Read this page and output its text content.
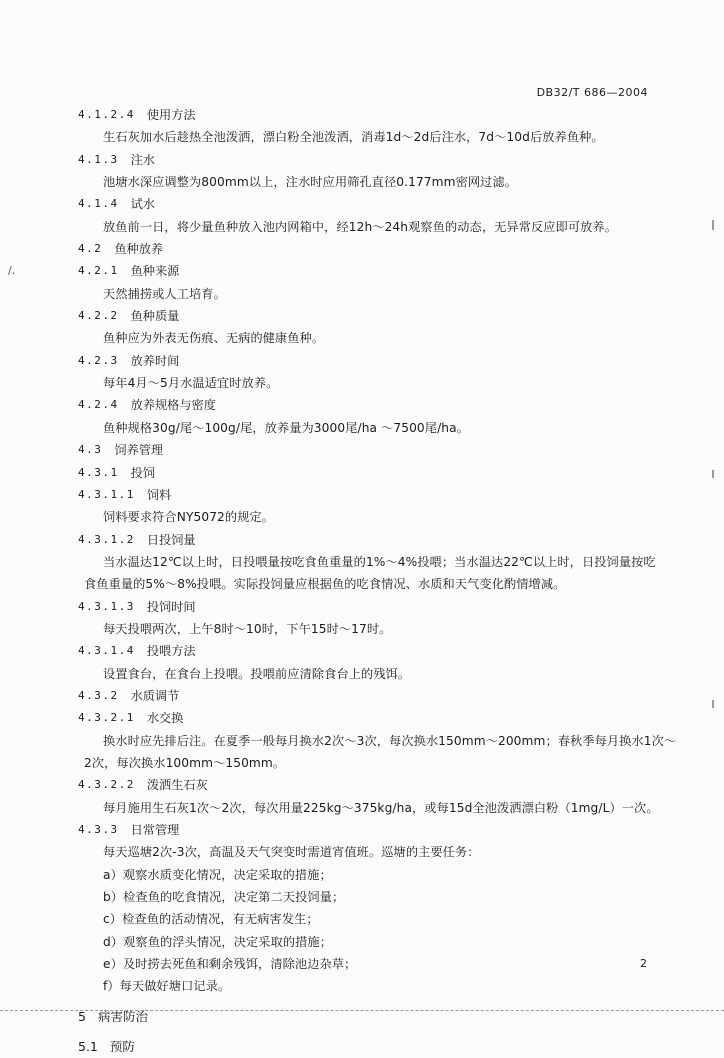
DB32/T 686—2004
/.
4.1.2.4 使用方法
生石灰加水后趁热全池泼洒，漂白粉全池泼洒，消毒1d～2d后注水，7d～10d后放养鱼种。
4.1.3 注水
池塘水深应调整为800mm以上，注水时应用筛孔直径0.177mm密网过滤。
4.1.4 试水
放鱼前一日，将少量鱼种放入池内网箱中，经12h～24h观察鱼的动态，无异常反应即可放养。
4.2 鱼种放养
4.2.1 鱼种来源
天然捕捞或人工培育。
4.2.2 鱼种质量
鱼种应为外表无伤痕、无病的健康鱼种。
4.2.3 放养时间
每年4月～5月水温适宜时放养。
4.2.4 放养规格与密度
鱼种规格30g/尾～100g/尾，放养量为3000尾/ha ～7500尾/ha。
4.3 饲养管理
4.3.1 投饲
4.3.1.1 饲料
饲料要求符合NY5072的规定。
4.3.1.2 日投饲量
当水温达12℃以上时，日投喂量按吃食鱼重量的1%～4%投喂；当水温达22℃以上时，日投饲量按吃
食鱼重量的5%～8%投喂。实际投饲量应根据鱼的吃食情况、水质和天气变化酌情增减。
4.3.1.3 投饲时间
每天投喂两次，上午8时～10时，下午15时～17时。
4.3.1.4 投喂方法
设置食台，在食台上投喂。投喂前应清除食台上的残饵。
4.3.2 水质调节
4.3.2.1 水交换
换水时应先排后注。在夏季一般每月换水2次～3次，每次换水150mm～200mm；春秋季每月换水1次～
2次，每次换水100mm～150mm。
4.3.2.2 泼洒生石灰
每月施用生石灰1次～2次，每次用量225kg～375kg/ha，或每15d全池泼洒漂白粉（1mg/L）一次。
4.3.3 日常管理
每天巡塘2次-3次，高温及天气突变时需道宵值班。巡塘的主要任务：
a）观察水质变化情况，决定采取的措施；
b）检查鱼的吃食情况，决定第二天投饲量；
c）检查鱼的活动情况，有无病害发生；
d）观察鱼的浮头情况，决定采取的措施；
e）及时捞去死鱼和剩余残饵，清除池边杂草；
f）每天做好塘口记录。
5 病害防治
5.1 预防
2
